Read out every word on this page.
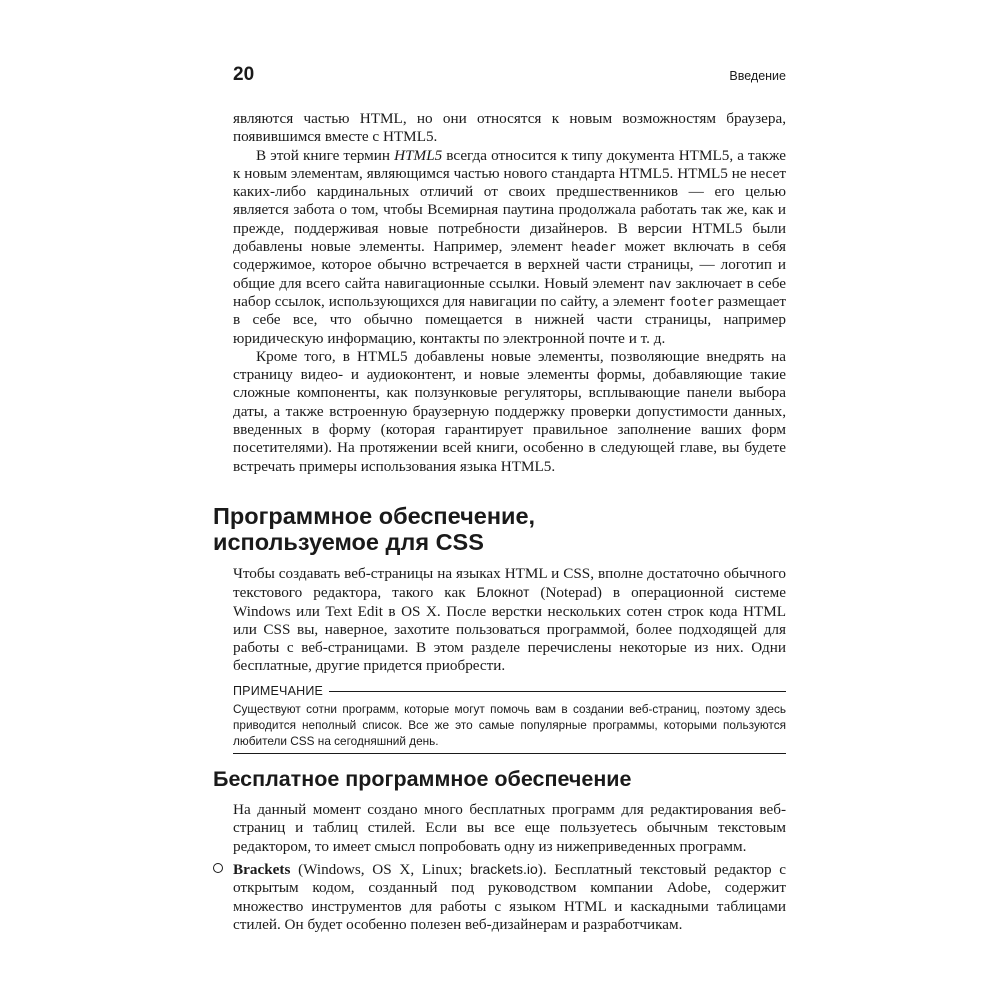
20	Введение

являются частью HTML, но они относятся к новым возможностям браузера, появившимся вместе с HTML5.

В этой книге термин HTML5 всегда относится к типу документа HTML5, а также к новым элементам, являющимся частью нового стандарта HTML5. HTML5 не несет каких-либо кардинальных отличий от своих предшественников — его целью является забота о том, чтобы Всемирная паутина продолжала работать так же, как и прежде, поддерживая новые потребности дизайнеров. В версии HTML5 были добавлены новые элементы. Например, элемент header может включать в себя содержимое, которое обычно встречается в верхней части страницы, — логотип и общие для всего сайта навигационные ссылки. Новый элемент nav заключает в себе набор ссылок, использующихся для навигации по сайту, а элемент footer размещает в себе все, что обычно помещается в нижней части страницы, например юридическую информацию, контакты по электронной почте и т. д.

Кроме того, в HTML5 добавлены новые элементы, позволяющие внедрять на страницу видео- и аудиоконтент, и новые элементы формы, добавляющие такие сложные компоненты, как ползунковые регуляторы, всплывающие панели выбора даты, а также встроенную браузерную поддержку проверки допустимости данных, введенных в форму (которая гарантирует правильное заполнение ваших форм посетителями). На протяжении всей книги, особенно в следующей главе, вы будете встречать примеры использования языка HTML5.

Программное обеспечение,
используемое для CSS

Чтобы создавать веб-страницы на языках HTML и CSS, вполне достаточно обычного текстового редактора, такого как Блокнот (Notepad) в операционной системе Windows или Text Edit в OS X. После верстки нескольких сотен строк кода HTML или CSS вы, наверное, захотите пользоваться программой, более подходящей для работы с веб-страницами. В этом разделе перечислены некоторые из них. Одни бесплатные, другие придется приобрести.

ПРИМЕЧАНИЕ
Существуют сотни программ, которые могут помочь вам в создании веб-страниц, поэтому здесь приводится неполный список. Все же это самые популярные программы, которыми пользуются любители CSS на сегодняшний день.
Бесплатное программное обеспечение

На данный момент создано много бесплатных программ для редактирования веб-страниц и таблиц стилей. Если вы все еще пользуетесь обычным текстовым редактором, то имеет смысл попробовать одну из нижеприведенных программ.

Brackets (Windows, OS X, Linux; brackets.io). Бесплатный текстовый редактор с открытым кодом, созданный под руководством компании Adobe, содержит множество инструментов для работы с языком HTML и каскадными таблицами стилей. Он будет особенно полезен веб-дизайнерам и разработчикам.
